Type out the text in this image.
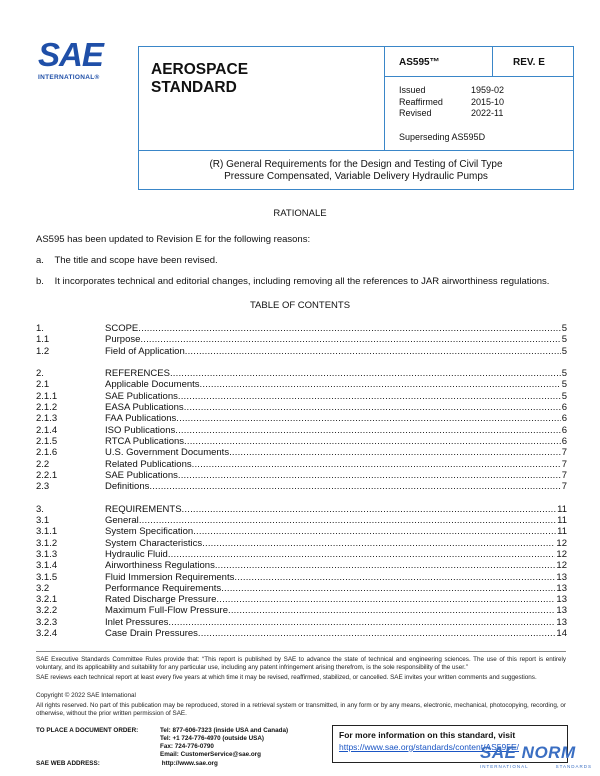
SAE
INTERNATIONAL®	AEROSPACE
STANDARD
AS595™	REV. E
Issued	1959-02
Reaffirmed	2015-10
Revised	2022-11
Superseding AS595D
(R) General Requirements for the Design and Testing of Civil Type
Pressure Compensated, Variable Delivery Hydraulic Pumps
RATIONALE
AS595 has been updated to Revision E for the following reasons:
a. The title and scope have been revised.
b. It incorporates technical and editorial changes, including removing all the references to JAR airworthiness regulations.
TABLE OF CONTENTS
1.	SCOPE .....	5
1.1	Purpose .....	5
1.2	Field of Application .....	5
2.	REFERENCES .....	5
2.1	Applicable Documents .....	5
2.1.1	SAE Publications .....	5
2.1.2	EASA Publications .....	6
2.1.3	FAA Publications .....	6
2.1.4	ISO Publications .....	6
2.1.5	RTCA Publications .....	6
2.1.6	U.S. Government Documents .....	7
2.2	Related Publications .....	7
2.2.1	SAE Publications .....	7
2.3	Definitions .....	7
3.	REQUIREMENTS .....	11
3.1	General .....	11
3.1.1	System Specification .....	11
3.1.2	System Characteristics .....	12
3.1.3	Hydraulic Fluid .....	12
3.1.4	Airworthiness Regulations .....	12
3.1.5	Fluid Immersion Requirements .....	13
3.2	Performance Requirements .....	13
3.2.1	Rated Discharge Pressure .....	13
3.2.2	Maximum Full-Flow Pressure .....	13
3.2.3	Inlet Pressures .....	13
3.2.4	Case Drain Pressures .....	14
SAE Executive Standards Committee Rules provide that: “This report is published by SAE to advance the state of technical and engineering sciences. The use of this report is entirely voluntary, and its applicability and suitability for any particular use, including any patent infringement arising therefrom, is the sole responsibility of the user.”
SAE reviews each technical report at least every five years at which time it may be revised, reaffirmed, stabilized, or cancelled. SAE invites your written comments and suggestions.
Copyright © 2022 SAE International
All rights reserved. No part of this publication may be reproduced, stored in a retrieval system or transmitted, in any form or by any means, electronic, mechanical, photocopying, recording, or otherwise, without the prior written permission of SAE.
TO PLACE A DOCUMENT ORDER:	Tel: 877-606-7323 (inside USA and Canada)
Tel: +1 724-776-4970 (outside USA)
Fax: 724-776-0790
Email: CustomerService@sae.org
SAE WEB ADDRESS:	http://www.sae.org
For more information on this standard, visit
https://www.sae.org/standards/content/AS595E/
SAE NORM
INTERNATIONAL	STANDARDS
